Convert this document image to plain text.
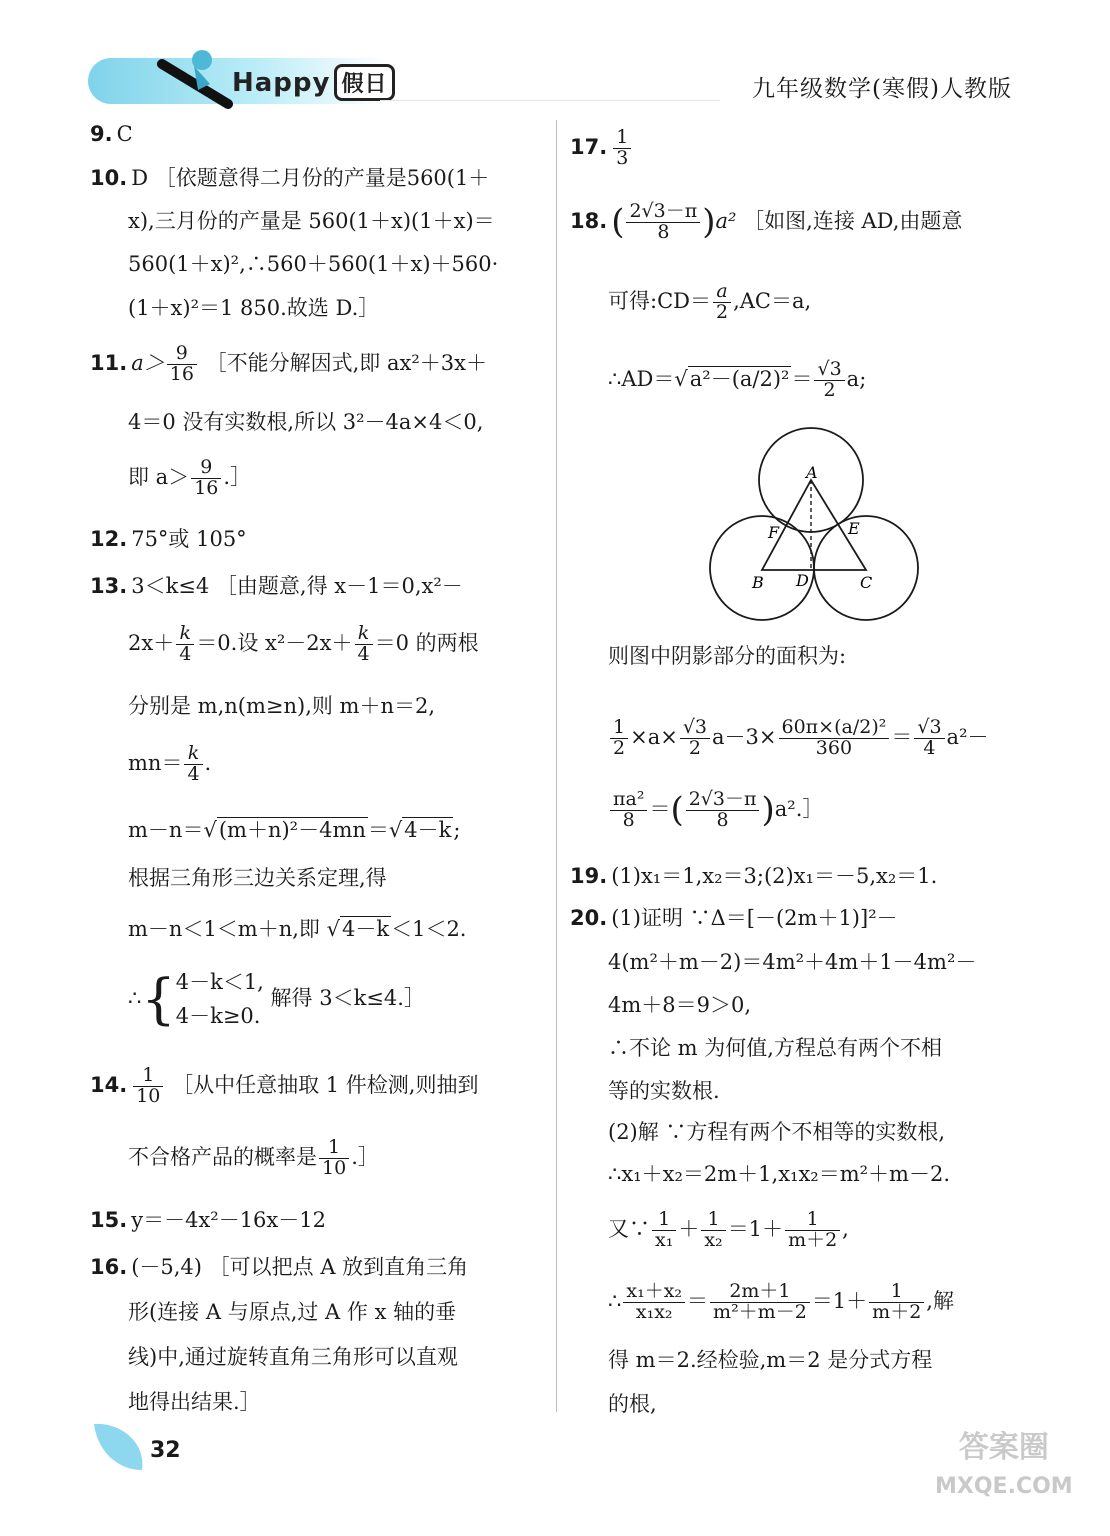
Happy 假日	九年级数学(寒假)人教版
9. C
10. D ［依题意得二月份的产量是560(1＋
x),三月份的产量是 560(1＋x)(1＋x)＝
560(1＋x)²,∴560＋560(1＋x)＋560·
(1＋x)²＝1 850.故选 D.］
11. $a> \frac{9}{16}$ ［不能分解因式,即 ax²＋3x＋
4＝0 没有实数根,所以 3²－4a×4＜0,
即 $a> \frac{9}{16}$ .］
12. 75°或 105°
13. 3＜k≤4 ［由题意,得 x－1＝0,x²－
$2x+ \frac{k}{4} =0$.设 $x^2-2x+ \frac{k}{4} =0$ 的两根
分别是 m,n(m≥n),则 m＋n＝2,
$mn= \frac{k}{4}$ .
m－n＝√(m＋n)²－4mn＝√4－k;
根据三角形三边关系定理,得
m－n＜1＜m＋n,即 √4－k＜1＜2.
∴{4－k＜1,
4－k≥0. 解得 3＜k≤4.］
14. $\frac{1}{10}$ ［从中任意抽取 1 件检测,则抽到
不合格产品的概率是 $\frac{1}{10}$ .］
15. y＝－4x²－16x－12
16. (－5,4) ［可以把点 A 放到直角三角
形(连接 A 与原点,过 A 作 x 轴的垂
线)中,通过旋转直角三角形可以直观
地得出结果.］
17. $\frac{1}{3}$
18. ( $\frac{2√3-\pi}{8} )a^2$ ［如图,连接 AD,由题意
可得:CD＝ $\frac{a}{2} ,AC=a$,
∴AD＝√a²－(a/2)²＝ $\frac{√3}{2} a$;
A
B	C
D
E
F
则图中阴影部分的面积为:
$\frac{1}{2} \times a\times \frac{√3}{2} a-3\times \frac{\text{60π×(a/2)²}}{360} = \frac{√3}{4} a^2-$
$\frac{\text{πa²}}{8}$ ＝( $\frac{2√3-\pi}{8}$ )a².］
19. (1)x₁＝1,x₂＝3;(2)x₁＝－5,x₂＝1.
20. (1)证明 ∵Δ＝[－(2m＋1)]²－
4(m²＋m－2)＝4m²＋4m＋1－4m²－
4m＋8＝9＞0,
∴不论 m 为何值,方程总有两个不相
等的实数根.
(2)解 ∵方程有两个不相等的实数根,
∴x₁＋x₂＝2m＋1,x₁x₂＝m²＋m－2.
又∵ $\frac{1}{\text{x₁}} + \frac{1}{\text{x₂}} =1+ \frac{1}{m+2}$ ,
∴ $\frac{\text{x₁＋x₂}}{\text{x₁x₂}} = \frac{2m+1}{\text{m²＋m－2}} =1+ \frac{1}{m+2}$ ,解
得 m＝2.经检验,m＝2 是分式方程
的根,
32	答案圈
MXQE.COM
